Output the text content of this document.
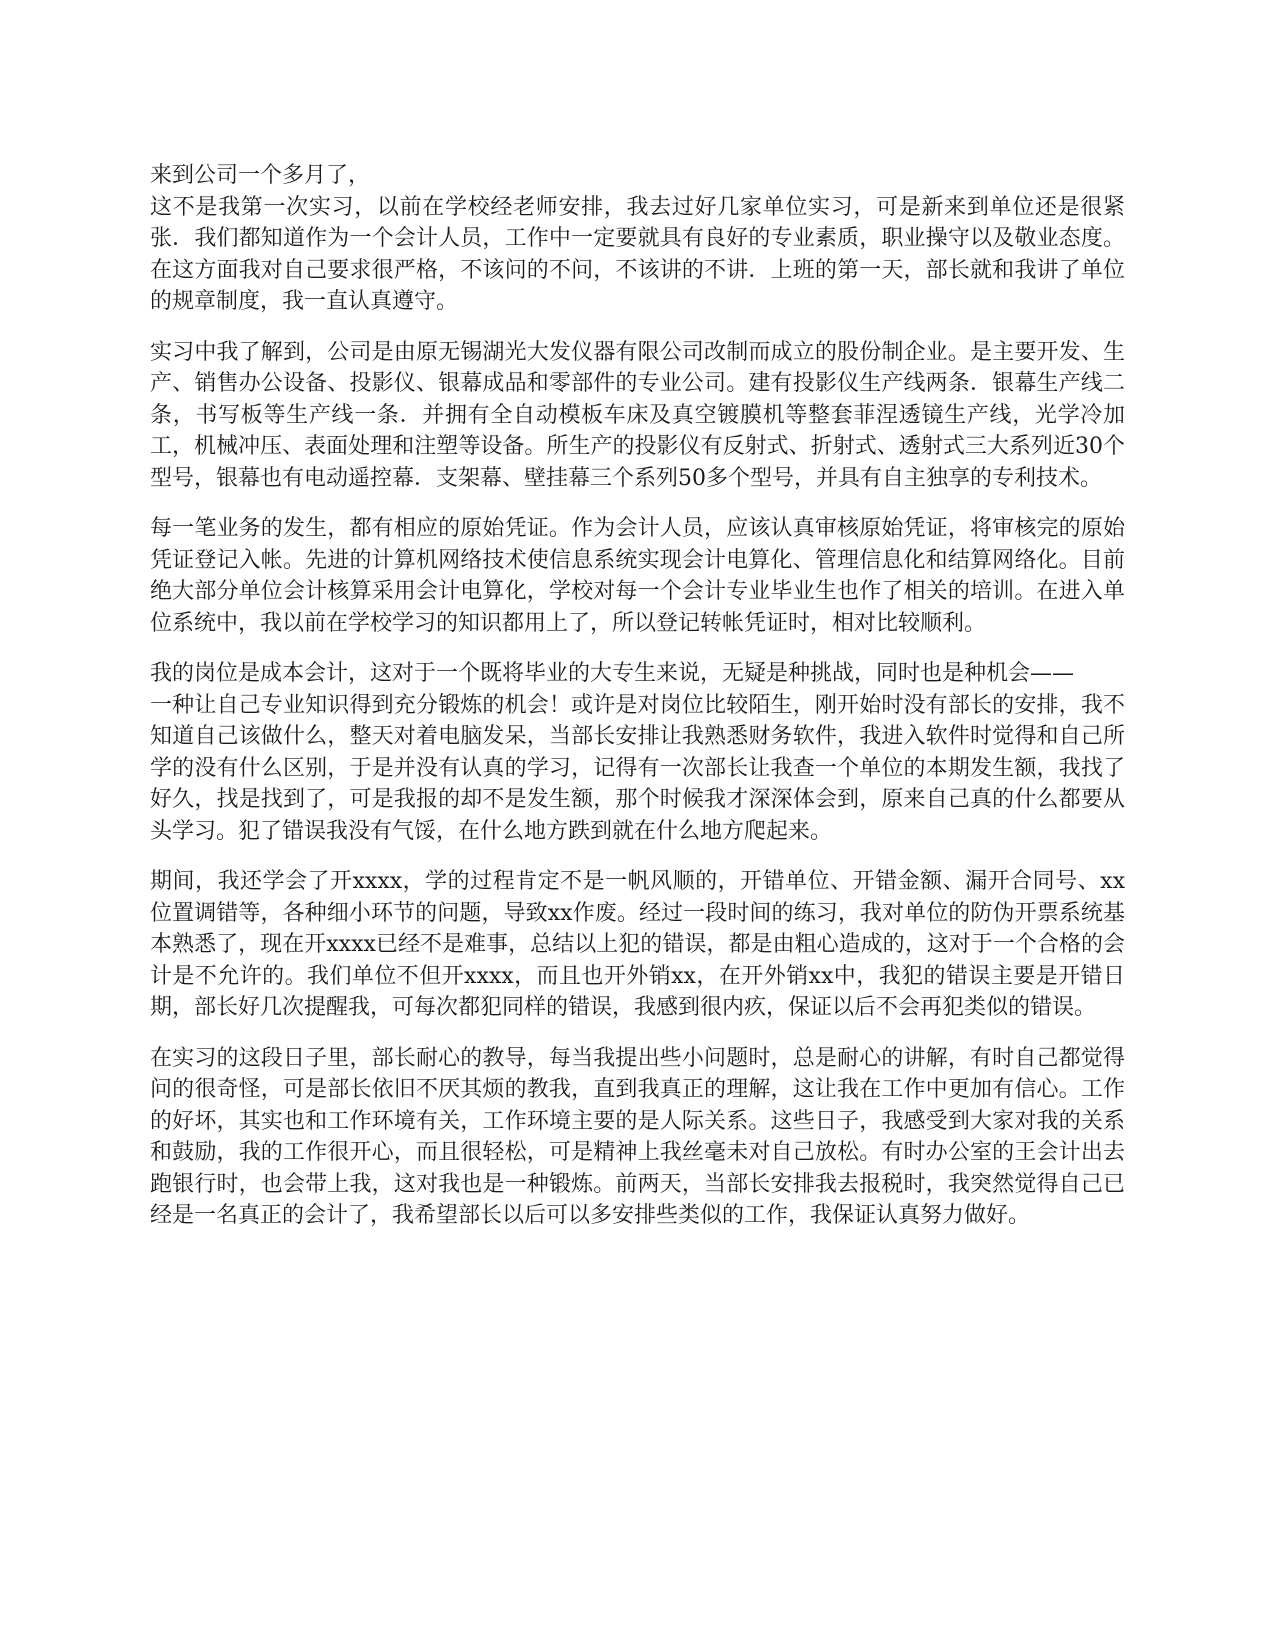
来到公司一个多月了，
这不是我第一次实习，以前在学校经老师安排，我去过好几家单位实习，可是新来到单位还是很紧张．我们都知道作为一个会计人员，工作中一定要就具有良好的专业素质，职业操守以及敬业态度。在这方面我对自己要求很严格，不该问的不问，不该讲的不讲．上班的第一天，部长就和我讲了单位的规章制度，我一直认真遵守。

实习中我了解到，公司是由原无锡湖光大发仪器有限公司改制而成立的股份制企业。是主要开发、生产、销售办公设备、投影仪、银幕成品和零部件的专业公司。建有投影仪生产线两条．银幕生产线二条，书写板等生产线一条．并拥有全自动模板车床及真空镀膜机等整套菲涅透镜生产线，光学冷加工，机械冲压、表面处理和注塑等设备。所生产的投影仪有反射式、折射式、透射式三大系列近30个型号，银幕也有电动遥控幕．支架幕、壁挂幕三个系列50多个型号，并具有自主独享的专利技术。

每一笔业务的发生，都有相应的原始凭证。作为会计人员，应该认真审核原始凭证，将审核完的原始凭证登记入帐。先进的计算机网络技术使信息系统实现会计电算化、管理信息化和结算网络化。目前绝大部分单位会计核算采用会计电算化，学校对每一个会计专业毕业生也作了相关的培训。在进入单位系统中，我以前在学校学习的知识都用上了，所以登记转帐凭证时，相对比较顺利。

我的岗位是成本会计，这对于一个既将毕业的大专生来说，无疑是种挑战，同时也是种机会——
一种让自己专业知识得到充分锻炼的机会！或许是对岗位比较陌生，刚开始时没有部长的安排，我不知道自己该做什么，整天对着电脑发呆，当部长安排让我熟悉财务软件，我进入软件时觉得和自己所学的没有什么区别，于是并没有认真的学习，记得有一次部长让我查一个单位的本期发生额，我找了好久，找是找到了，可是我报的却不是发生额，那个时候我才深深体会到，原来自己真的什么都要从头学习。犯了错误我没有气馁，在什么地方跌到就在什么地方爬起来。

期间，我还学会了开xxxx，学的过程肯定不是一帆风顺的，开错单位、开错金额、漏开合同号、xx位置调错等，各种细小环节的问题，导致xx作废。经过一段时间的练习，我对单位的防伪开票系统基本熟悉了，现在开xxxx已经不是难事，总结以上犯的错误，都是由粗心造成的，这对于一个合格的会计是不允许的。我们单位不但开xxxx，而且也开外销xx，在开外销xx中，我犯的错误主要是开错日期，部长好几次提醒我，可每次都犯同样的错误，我感到很内疚，保证以后不会再犯类似的错误。

在实习的这段日子里，部长耐心的教导，每当我提出些小问题时，总是耐心的讲解，有时自己都觉得问的很奇怪，可是部长依旧不厌其烦的教我，直到我真正的理解，这让我在工作中更加有信心。工作的好坏，其实也和工作环境有关，工作环境主要的是人际关系。这些日子，我感受到大家对我的关系和鼓励，我的工作很开心，而且很轻松，可是精神上我丝毫未对自己放松。有时办公室的王会计出去跑银行时，也会带上我，这对我也是一种锻炼。前两天，当部长安排我去报税时，我突然觉得自己已经是一名真正的会计了，我希望部长以后可以多安排些类似的工作，我保证认真努力做好。
